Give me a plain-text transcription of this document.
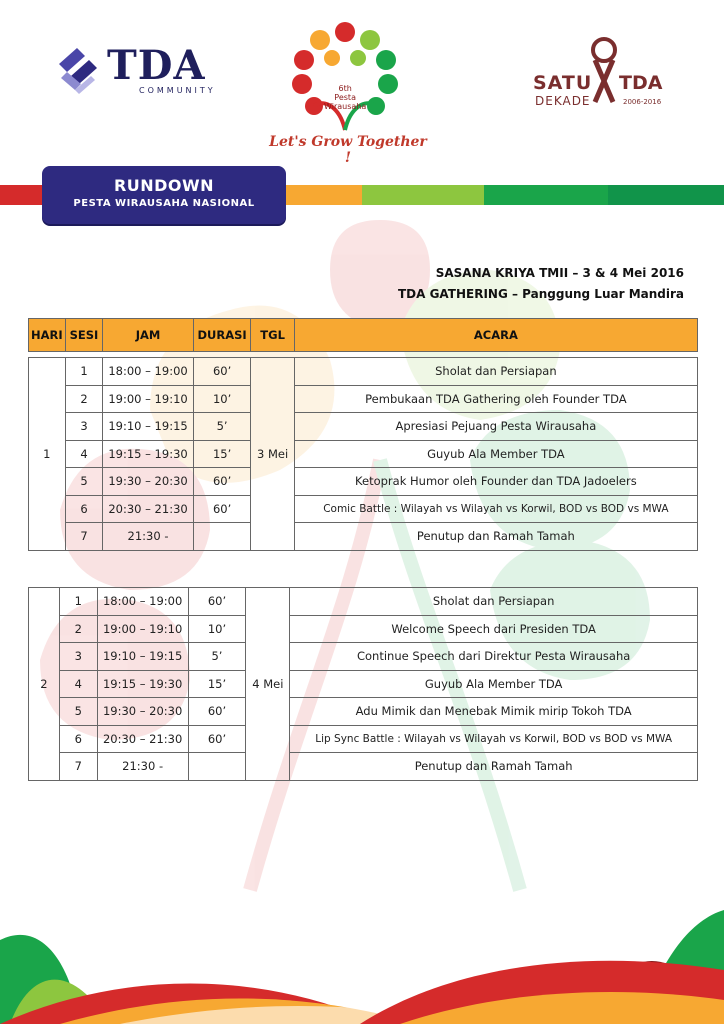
TDA
COMMUNITY	6th
Pesta
Wirausaha
Let's Grow Together !
SATU TDA
DEKADE	2006-2016
RUNDOWN
PESTA WIRAUSAHA NASIONAL
SASANA KRIYA TMII – 3 & 4 Mei 2016
TDA GATHERING – Panggung Luar Mandira
HARI	SESI	JAM	DURASI	TGL	ACARA

1	1	18:00 – 19:00	60’	3 Mei	Sholat dan Persiapan
	2	19:00 – 19:10	10’		Pembukaan TDA Gathering oleh Founder TDA
	3	19:10 – 19:15	5’		Apresiasi Pejuang Pesta Wirausaha
	4	19:15 – 19:30	15’		Guyub Ala Member TDA
	5	19:30 – 20:30	60’		Ketoprak Humor oleh Founder dan TDA Jadoelers
	6	20:30 – 21:30	60’		Comic Battle : Wilayah vs Wilayah vs Korwil, BOD vs BOD vs MWA
	7	21:30 -			Penutup dan Ramah Tamah
2	1	18:00 – 19:00	60’	4 Mei	Sholat dan Persiapan
	2	19:00 – 19:10	10’		Welcome Speech dari Presiden TDA
	3	19:10 – 19:15	5’		Continue Speech dari Direktur Pesta Wirausaha
	4	19:15 – 19:30	15’		Guyub Ala Member TDA
	5	19:30 – 20:30	60’		Adu Mimik dan Menebak Mimik mirip Tokoh TDA
	6	20:30 – 21:30	60’		Lip Sync Battle : Wilayah vs Wilayah vs Korwil, BOD vs BOD vs MWA
	7	21:30 -			Penutup dan Ramah Tamah
